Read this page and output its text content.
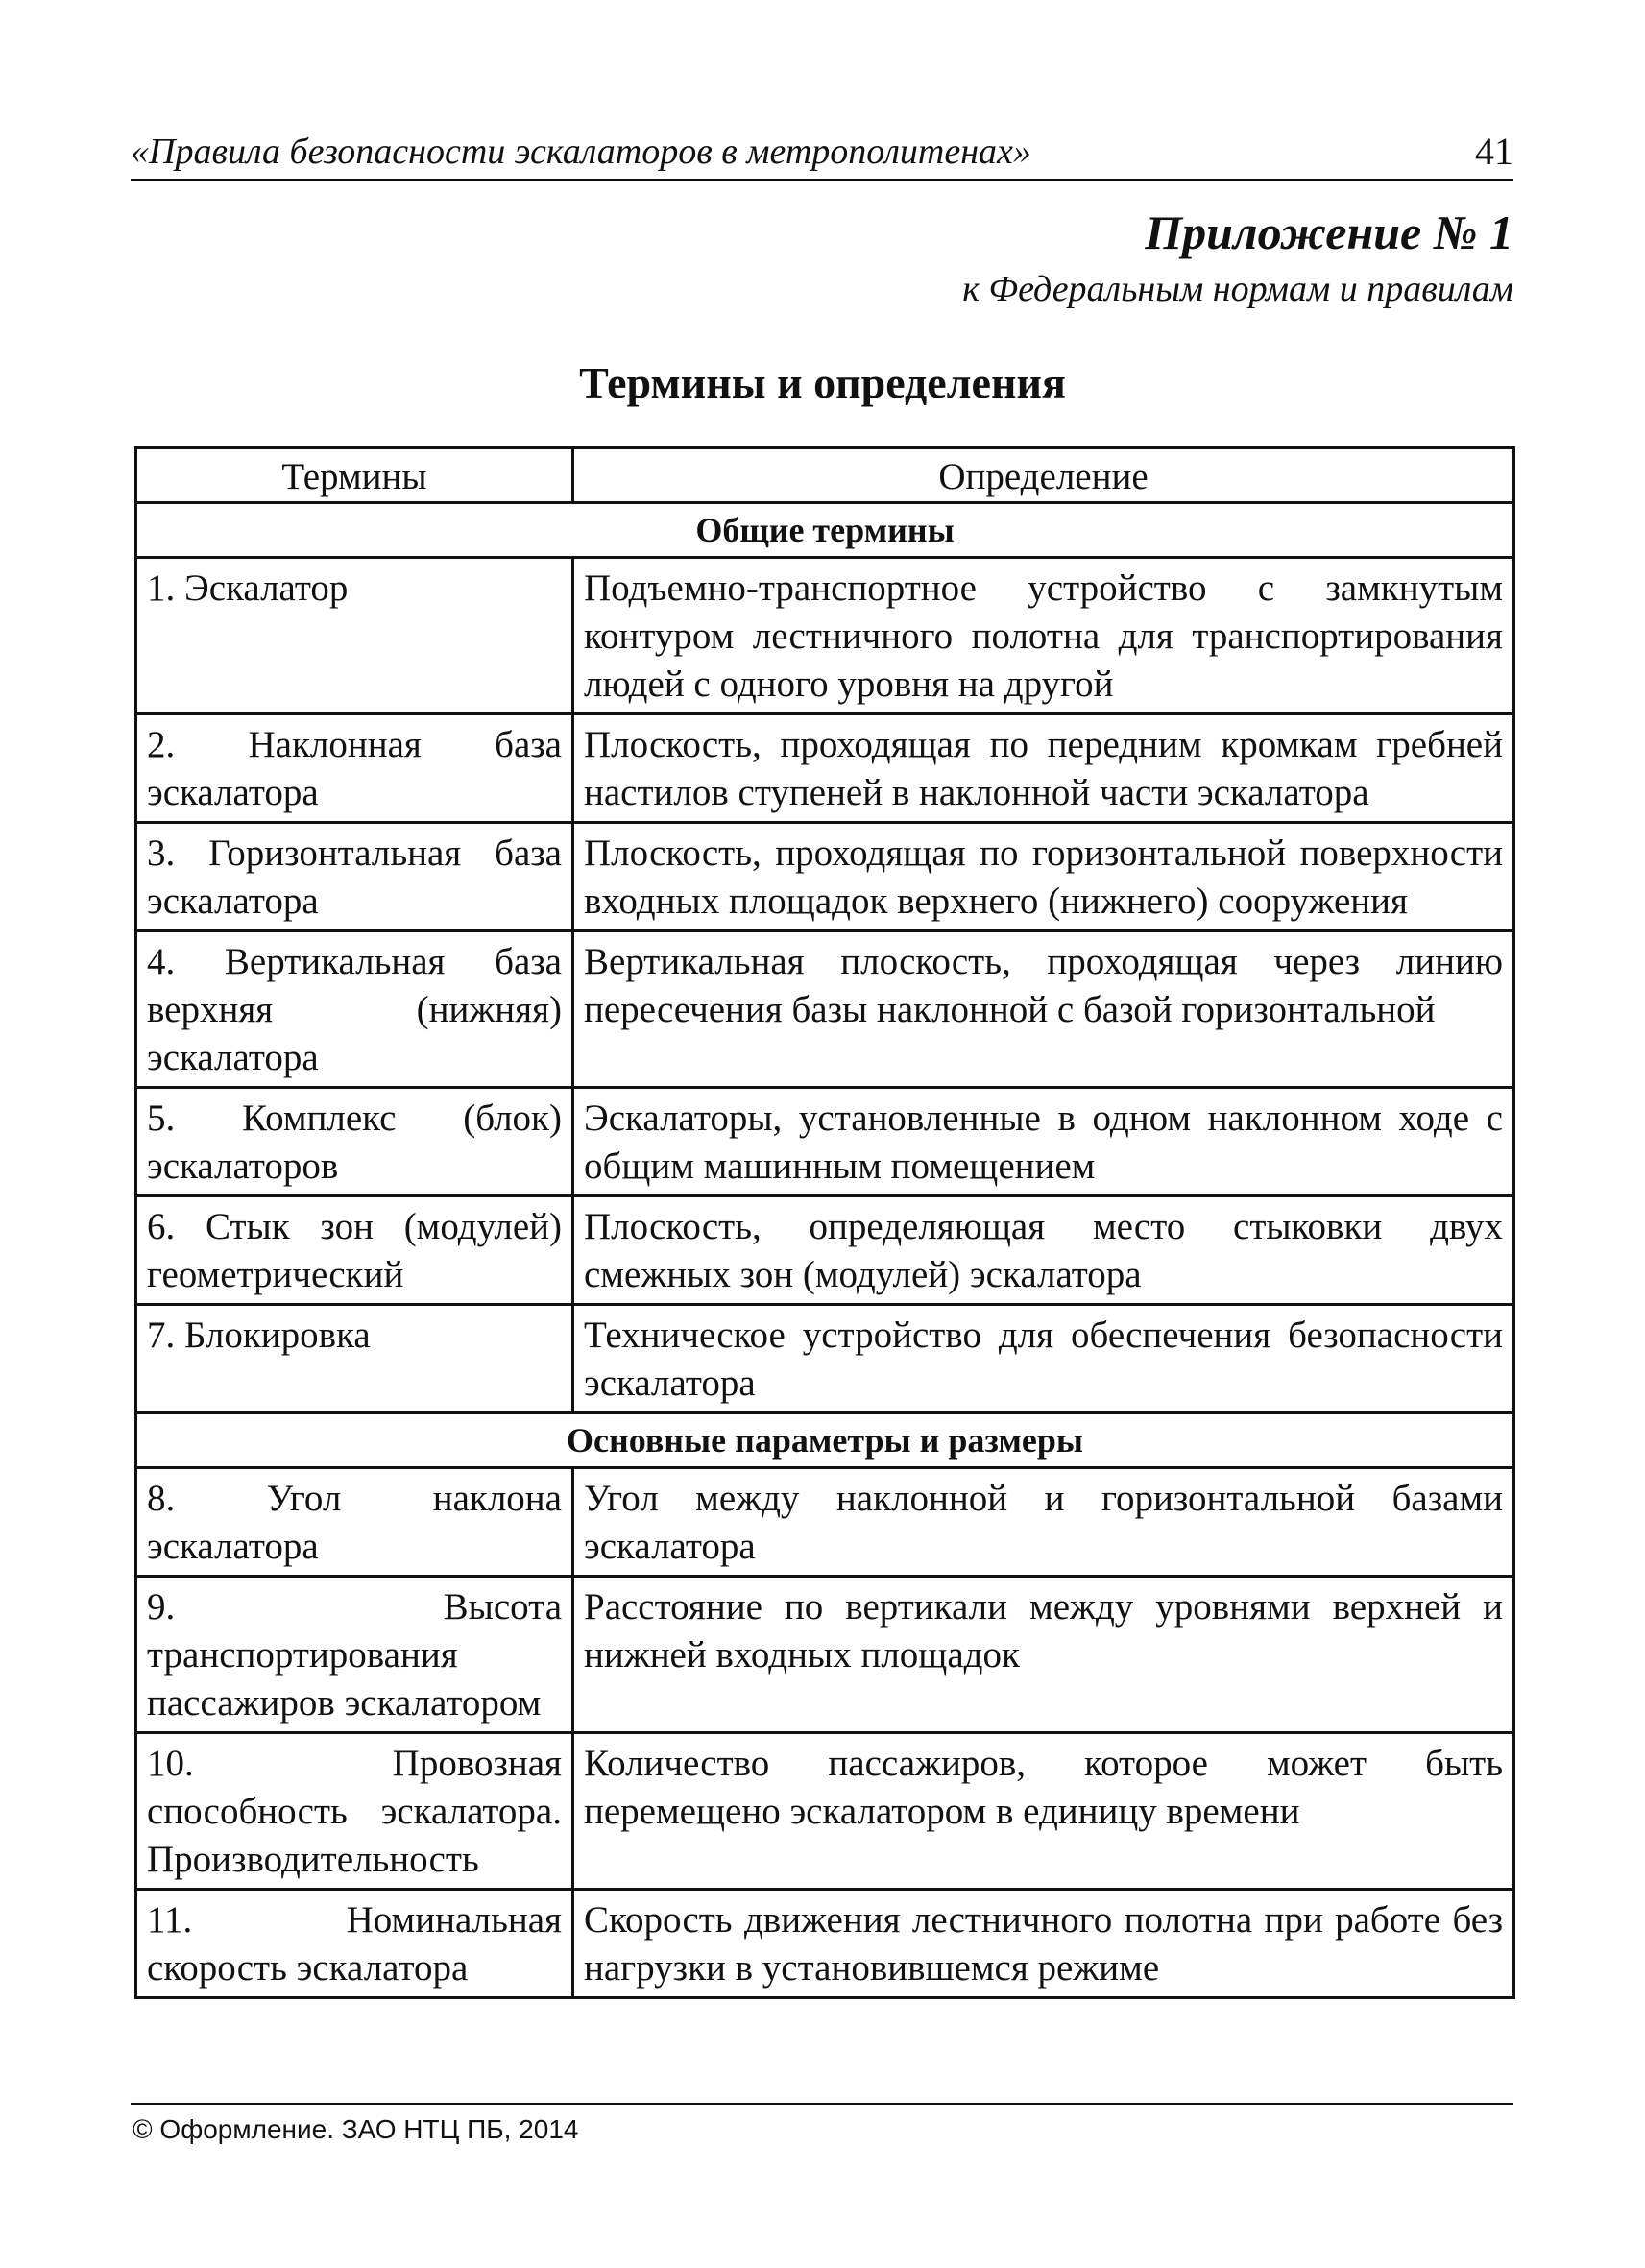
«Правила безопасности эскалаторов в метрополитенах»	41
Приложение № 1
к Федеральным нормам и правилам
Термины и определения
Термины	Определение
Общие термины	
1. Эскалатор	Подъемно-транспортное устройство с замкнутым контуром лестничного полотна для транспортирования людей с одного уровня на другой
2. Наклонная база эскалатора	Плоскость, проходящая по передним кромкам гребней настилов ступеней в наклонной части эскалатора
3. Горизонтальная база эскалатора	Плоскость, проходящая по горизонтальной поверхности входных площадок верхнего (нижнего) сооружения
4. Вертикальная база верхняя (нижняя) эскалатора	Вертикальная плоскость, проходящая через линию пересечения базы наклонной с базой горизонтальной
5. Комплекс (блок) эскалаторов	Эскалаторы, установленные в одном наклонном ходе с общим машинным помещением
6. Стык зон (модулей) геометрический	Плоскость, определяющая место стыковки двух смежных зон (модулей) эскалатора
7. Блокировка	Техническое устройство для обеспечения безопасности эскалатора
Основные параметры и размеры	
8. Угол наклона эскалатора	Угол между наклонной и горизонтальной базами эскалатора
9. Высота транспортирования пассажиров эскалатором	Расстояние по вертикали между уровнями верхней и нижней входных площадок
10. Провозная способность эскалатора. Производительность	Количество пассажиров, которое может быть перемещено эскалатором в единицу времени
11. Номинальная скорость эскалатора	Скорость движения лестничного полотна при работе без нагрузки в установившемся режиме
© Оформление. ЗАО НТЦ ПБ, 2014
